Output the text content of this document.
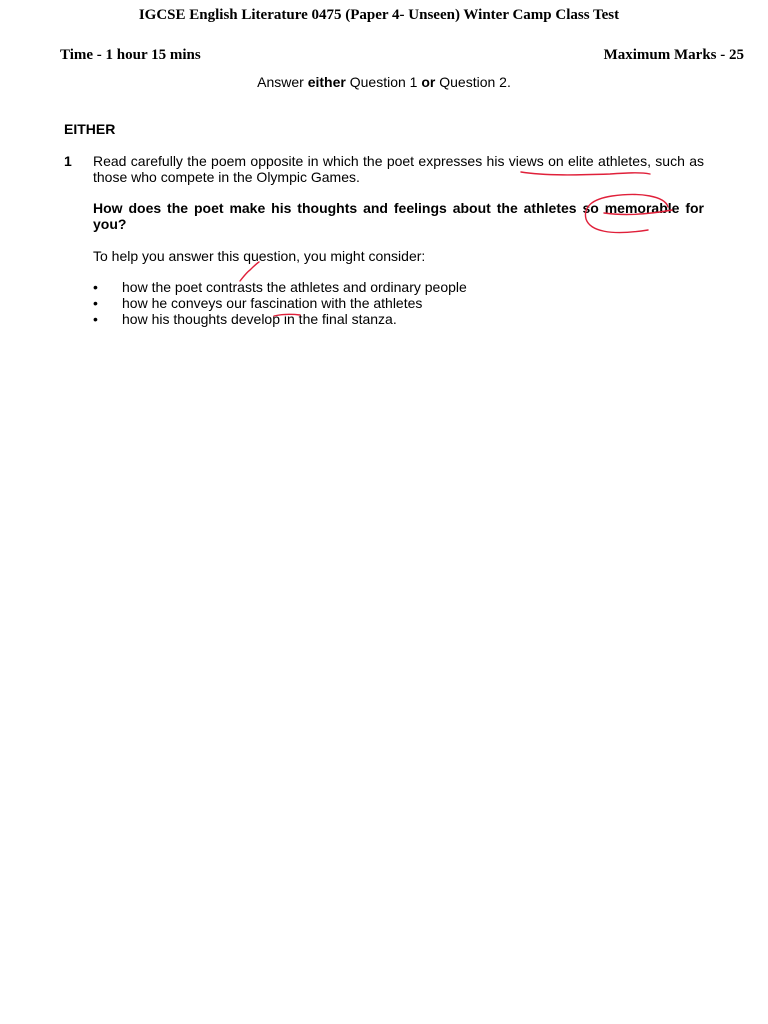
IGCSE English Literature 0475 (Paper 4- Unseen) Winter Camp Class Test
Time - 1 hour 15 mins	Maximum Marks - 25
Answer either Question 1 or Question 2.
EITHER
1 Read carefully the poem opposite in which the poet expresses his views on elite athletes, such as those who compete in the Olympic Games.

How does the poet make his thoughts and feelings about the athletes so memorable for you?

To help you answer this question, you might consider:

• how the poet contrasts the athletes and ordinary people
• how he conveys our fascination with the athletes
• how his thoughts develop in the final stanza.
